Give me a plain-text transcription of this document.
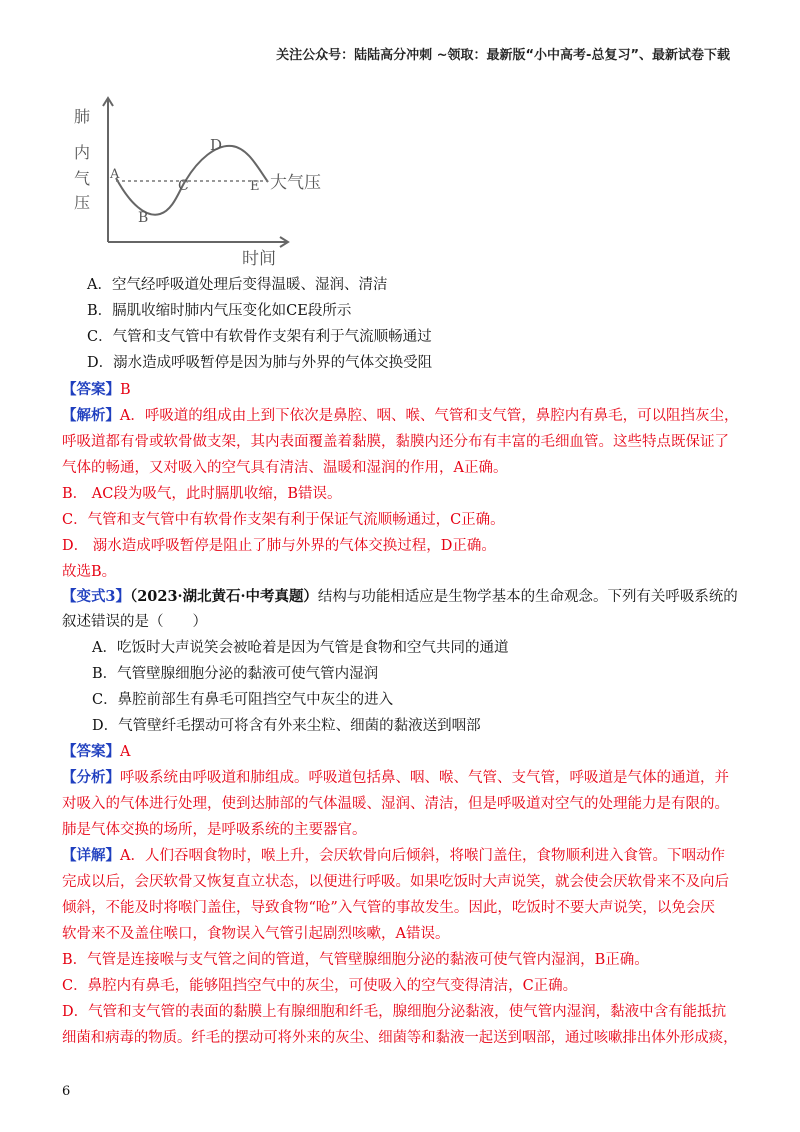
关注公众号：陆陆高分冲刺 ~领取：最新版“小中高考-总复习”、最新试卷下载
肺
内
气
压
时间
大气压
A
B
C
D
E
A．空气经呼吸道处理后变得温暖、湿润、清洁
B．膈肌收缩时肺内气压变化如CE段所示
C．气管和支气管中有软骨作支架有利于气流顺畅通过
D．溺水造成呼吸暂停是因为肺与外界的气体交换受阻
【答案】B
【解析】A．呼吸道的组成由上到下依次是鼻腔、咽、喉、气管和支气管，鼻腔内有鼻毛，可以阻挡灰尘，
呼吸道都有骨或软骨做支架，其内表面覆盖着黏膜，黏膜内还分布有丰富的毛细血管。这些特点既保证了
气体的畅通，又对吸入的空气具有清洁、温暖和湿润的作用，A正确。
B． AC段为吸气，此时膈肌收缩，B错误。
C．气管和支气管中有软骨作支架有利于保证气流顺畅通过，C正确。
D． 溺水造成呼吸暂停是阻止了肺与外界的气体交换过程，D正确。
故选B。
【变式3】（2023·湖北黄石·中考真题）结构与功能相适应是生物学基本的生命观念。下列有关呼吸系统的
叙述错误的是（　　）
A．吃饭时大声说笑会被呛着是因为气管是食物和空气共同的通道
B．气管壁腺细胞分泌的黏液可使气管内湿润
C．鼻腔前部生有鼻毛可阻挡空气中灰尘的进入
D．气管壁纤毛摆动可将含有外来尘粒、细菌的黏液送到咽部
【答案】A
【分析】呼吸系统由呼吸道和肺组成。呼吸道包括鼻、咽、喉、气管、支气管，呼吸道是气体的通道，并
对吸入的气体进行处理，使到达肺部的气体温暖、湿润、清洁，但是呼吸道对空气的处理能力是有限的。
肺是气体交换的场所，是呼吸系统的主要器官。
【详解】A．人们吞咽食物时，喉上升，会厌软骨向后倾斜，将喉门盖住，食物顺利进入食管。下咽动作
完成以后，会厌软骨又恢复直立状态，以便进行呼吸。如果吃饭时大声说笑，就会使会厌软骨来不及向后
倾斜，不能及时将喉门盖住，导致食物“呛”入气管的事故发生。因此，吃饭时不要大声说笑，以免会厌
软骨来不及盖住喉口，食物误入气管引起剧烈咳嗽，A错误。
B．气管是连接喉与支气管之间的管道，气管壁腺细胞分泌的黏液可使气管内湿润，B正确。
C．鼻腔内有鼻毛，能够阻挡空气中的灰尘，可使吸入的空气变得清洁，C正确。
D．气管和支气管的表面的黏膜上有腺细胞和纤毛，腺细胞分泌黏液，使气管内湿润，黏液中含有能抵抗
细菌和病毒的物质。纤毛的摆动可将外来的灰尘、细菌等和黏液一起送到咽部，通过咳嗽排出体外形成痰，
6
